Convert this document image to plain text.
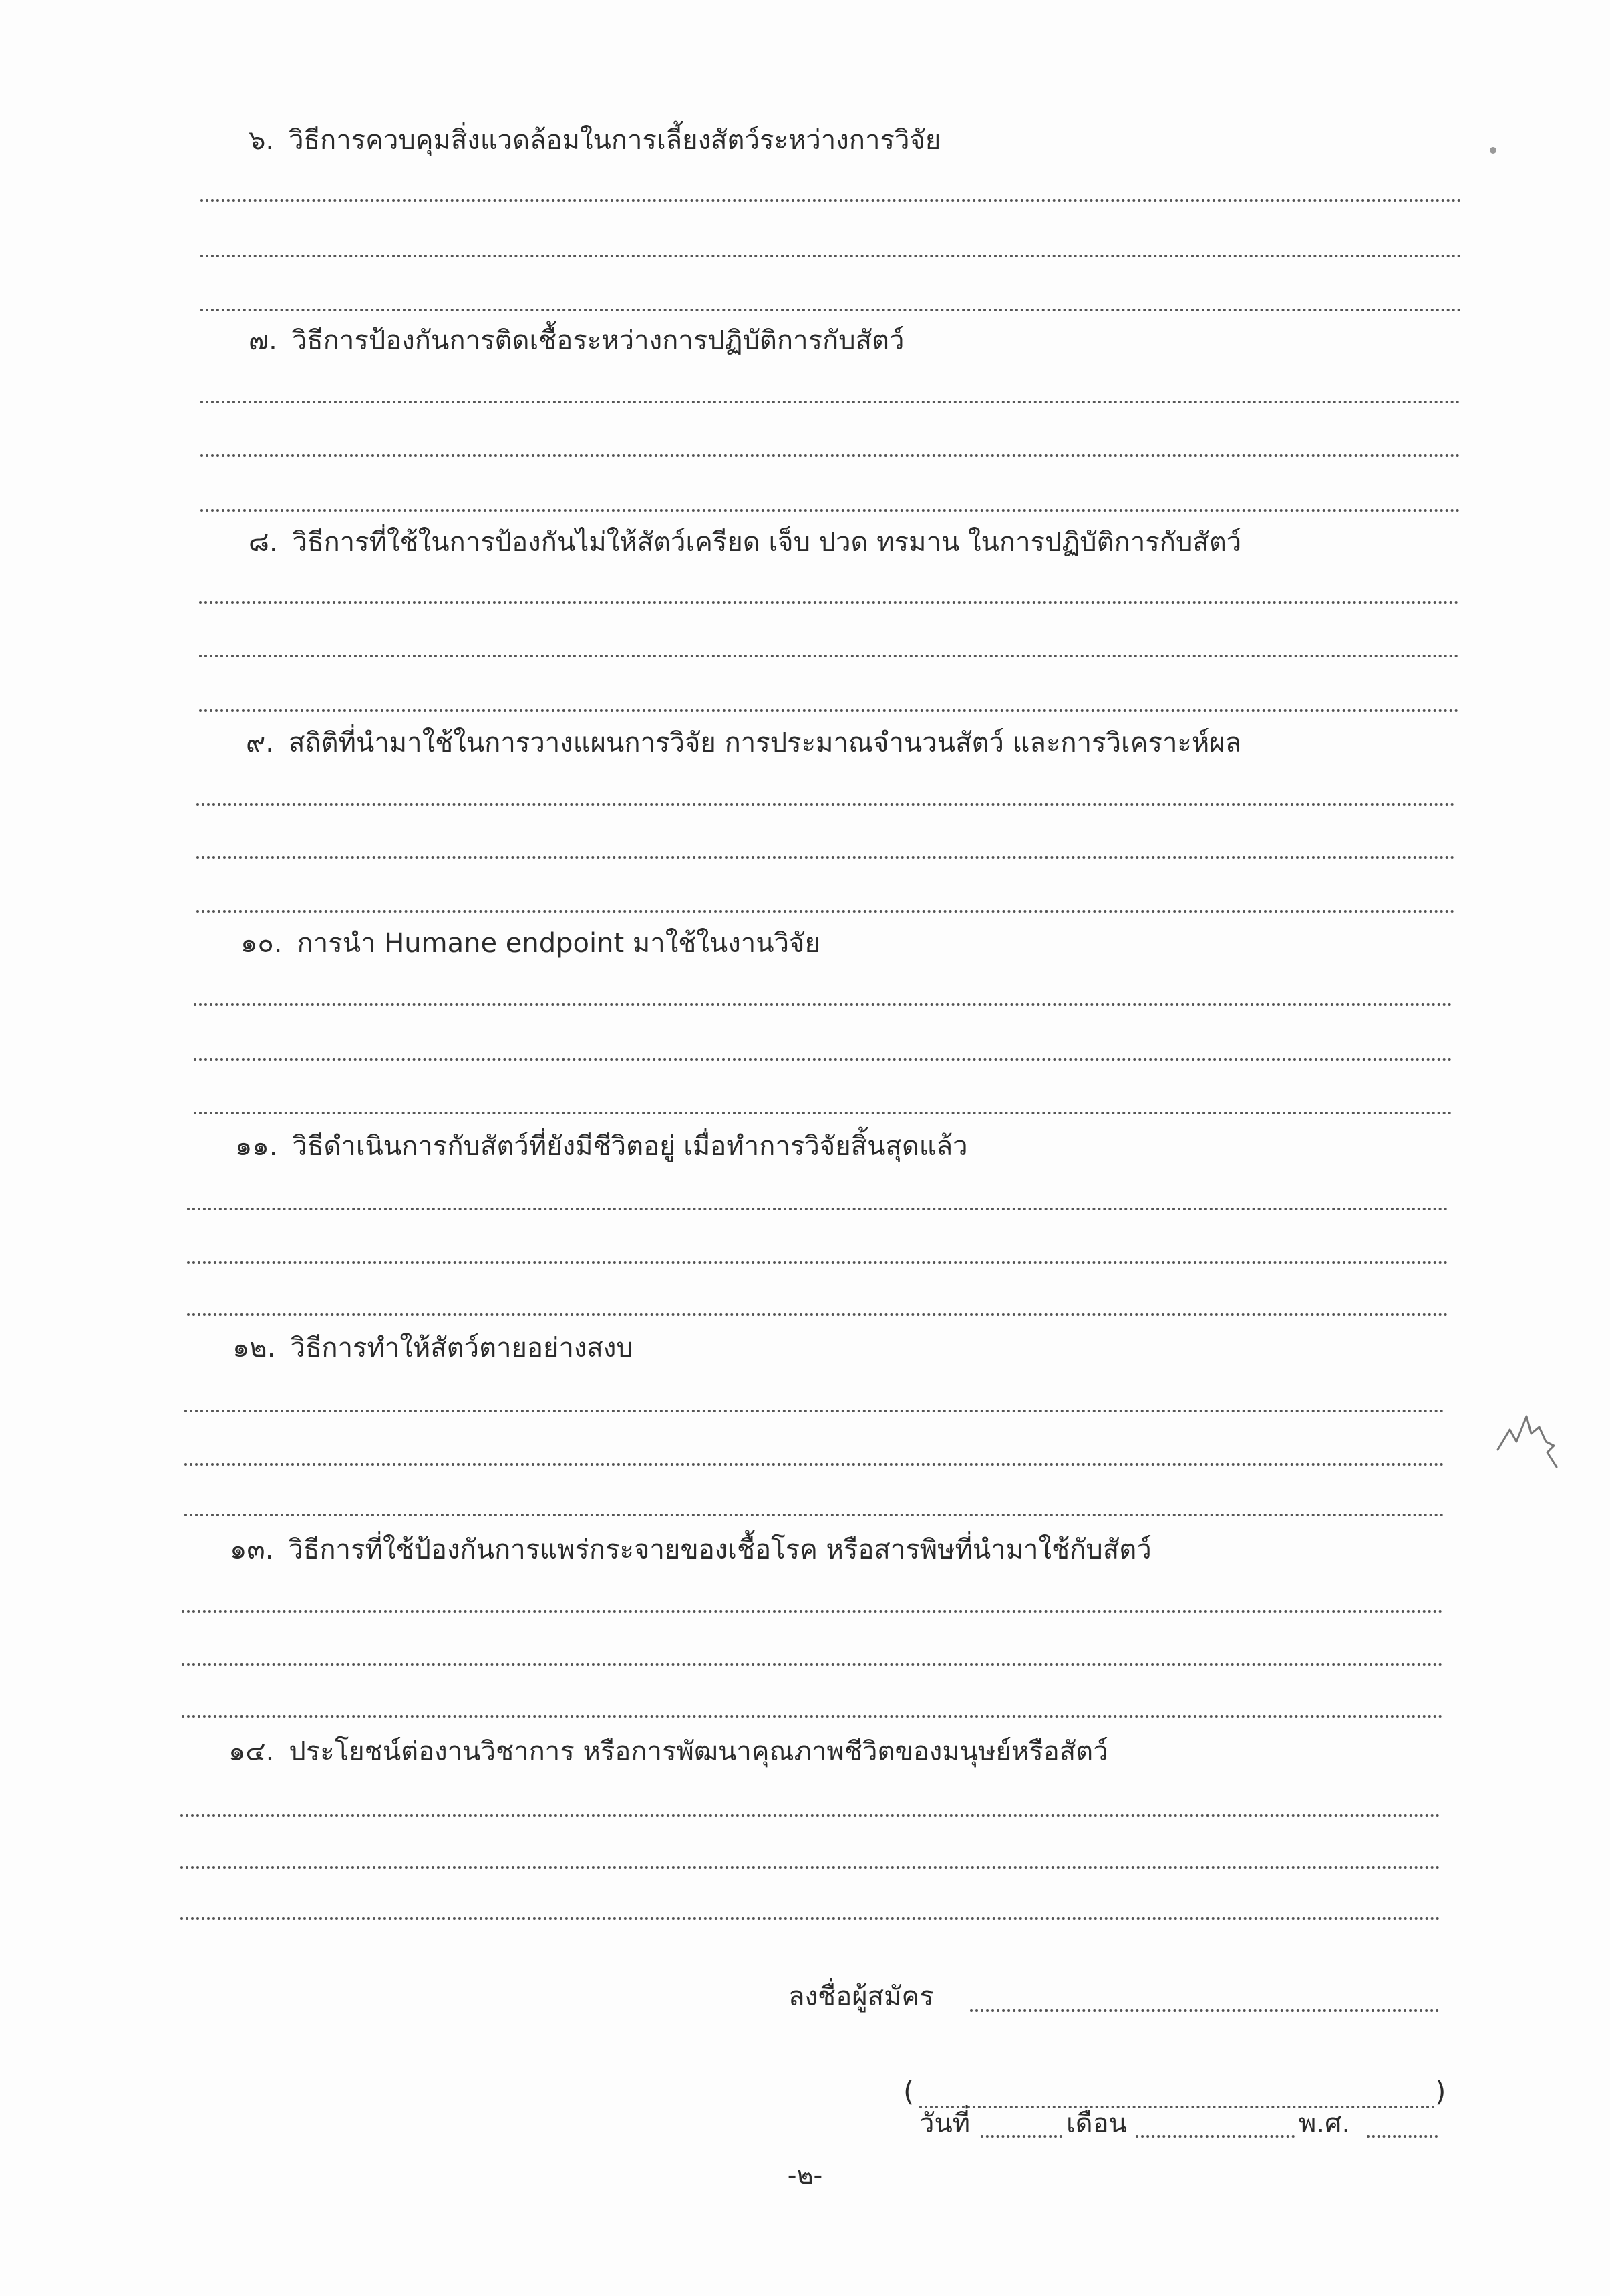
๖. วิธีการควบคุมสิ่งแวดล้อมในการเลี้ยงสัตว์ระหว่างการวิจัย
๗. วิธีการป้องกันการติดเชื้อระหว่างการปฏิบัติการกับสัตว์
๘. วิธีการที่ใช้ในการป้องกันไม่ให้สัตว์เครียด เจ็บ ปวด ทรมาน ในการปฏิบัติการกับสัตว์
๙. สถิติที่นำมาใช้ในการวางแผนการวิจัย การประมาณจำนวนสัตว์ และการวิเคราะห์ผล
๑๐. การนำ Humane endpoint มาใช้ในงานวิจัย
๑๑. วิธีดำเนินการกับสัตว์ที่ยังมีชีวิตอยู่ เมื่อทำการวิจัยสิ้นสุดแล้ว
๑๒. วิธีการทำให้สัตว์ตายอย่างสงบ
๑๓. วิธีการที่ใช้ป้องกันการแพร่กระจายของเชื้อโรค หรือสารพิษที่นำมาใช้กับสัตว์
๑๔. ประโยชน์ต่องานวิชาการ หรือการพัฒนาคุณภาพชีวิตของมนุษย์หรือสัตว์
ลงชื่อผู้สมัคร
(	)
วันที่	เดือน	พ.ศ.
-๒-
